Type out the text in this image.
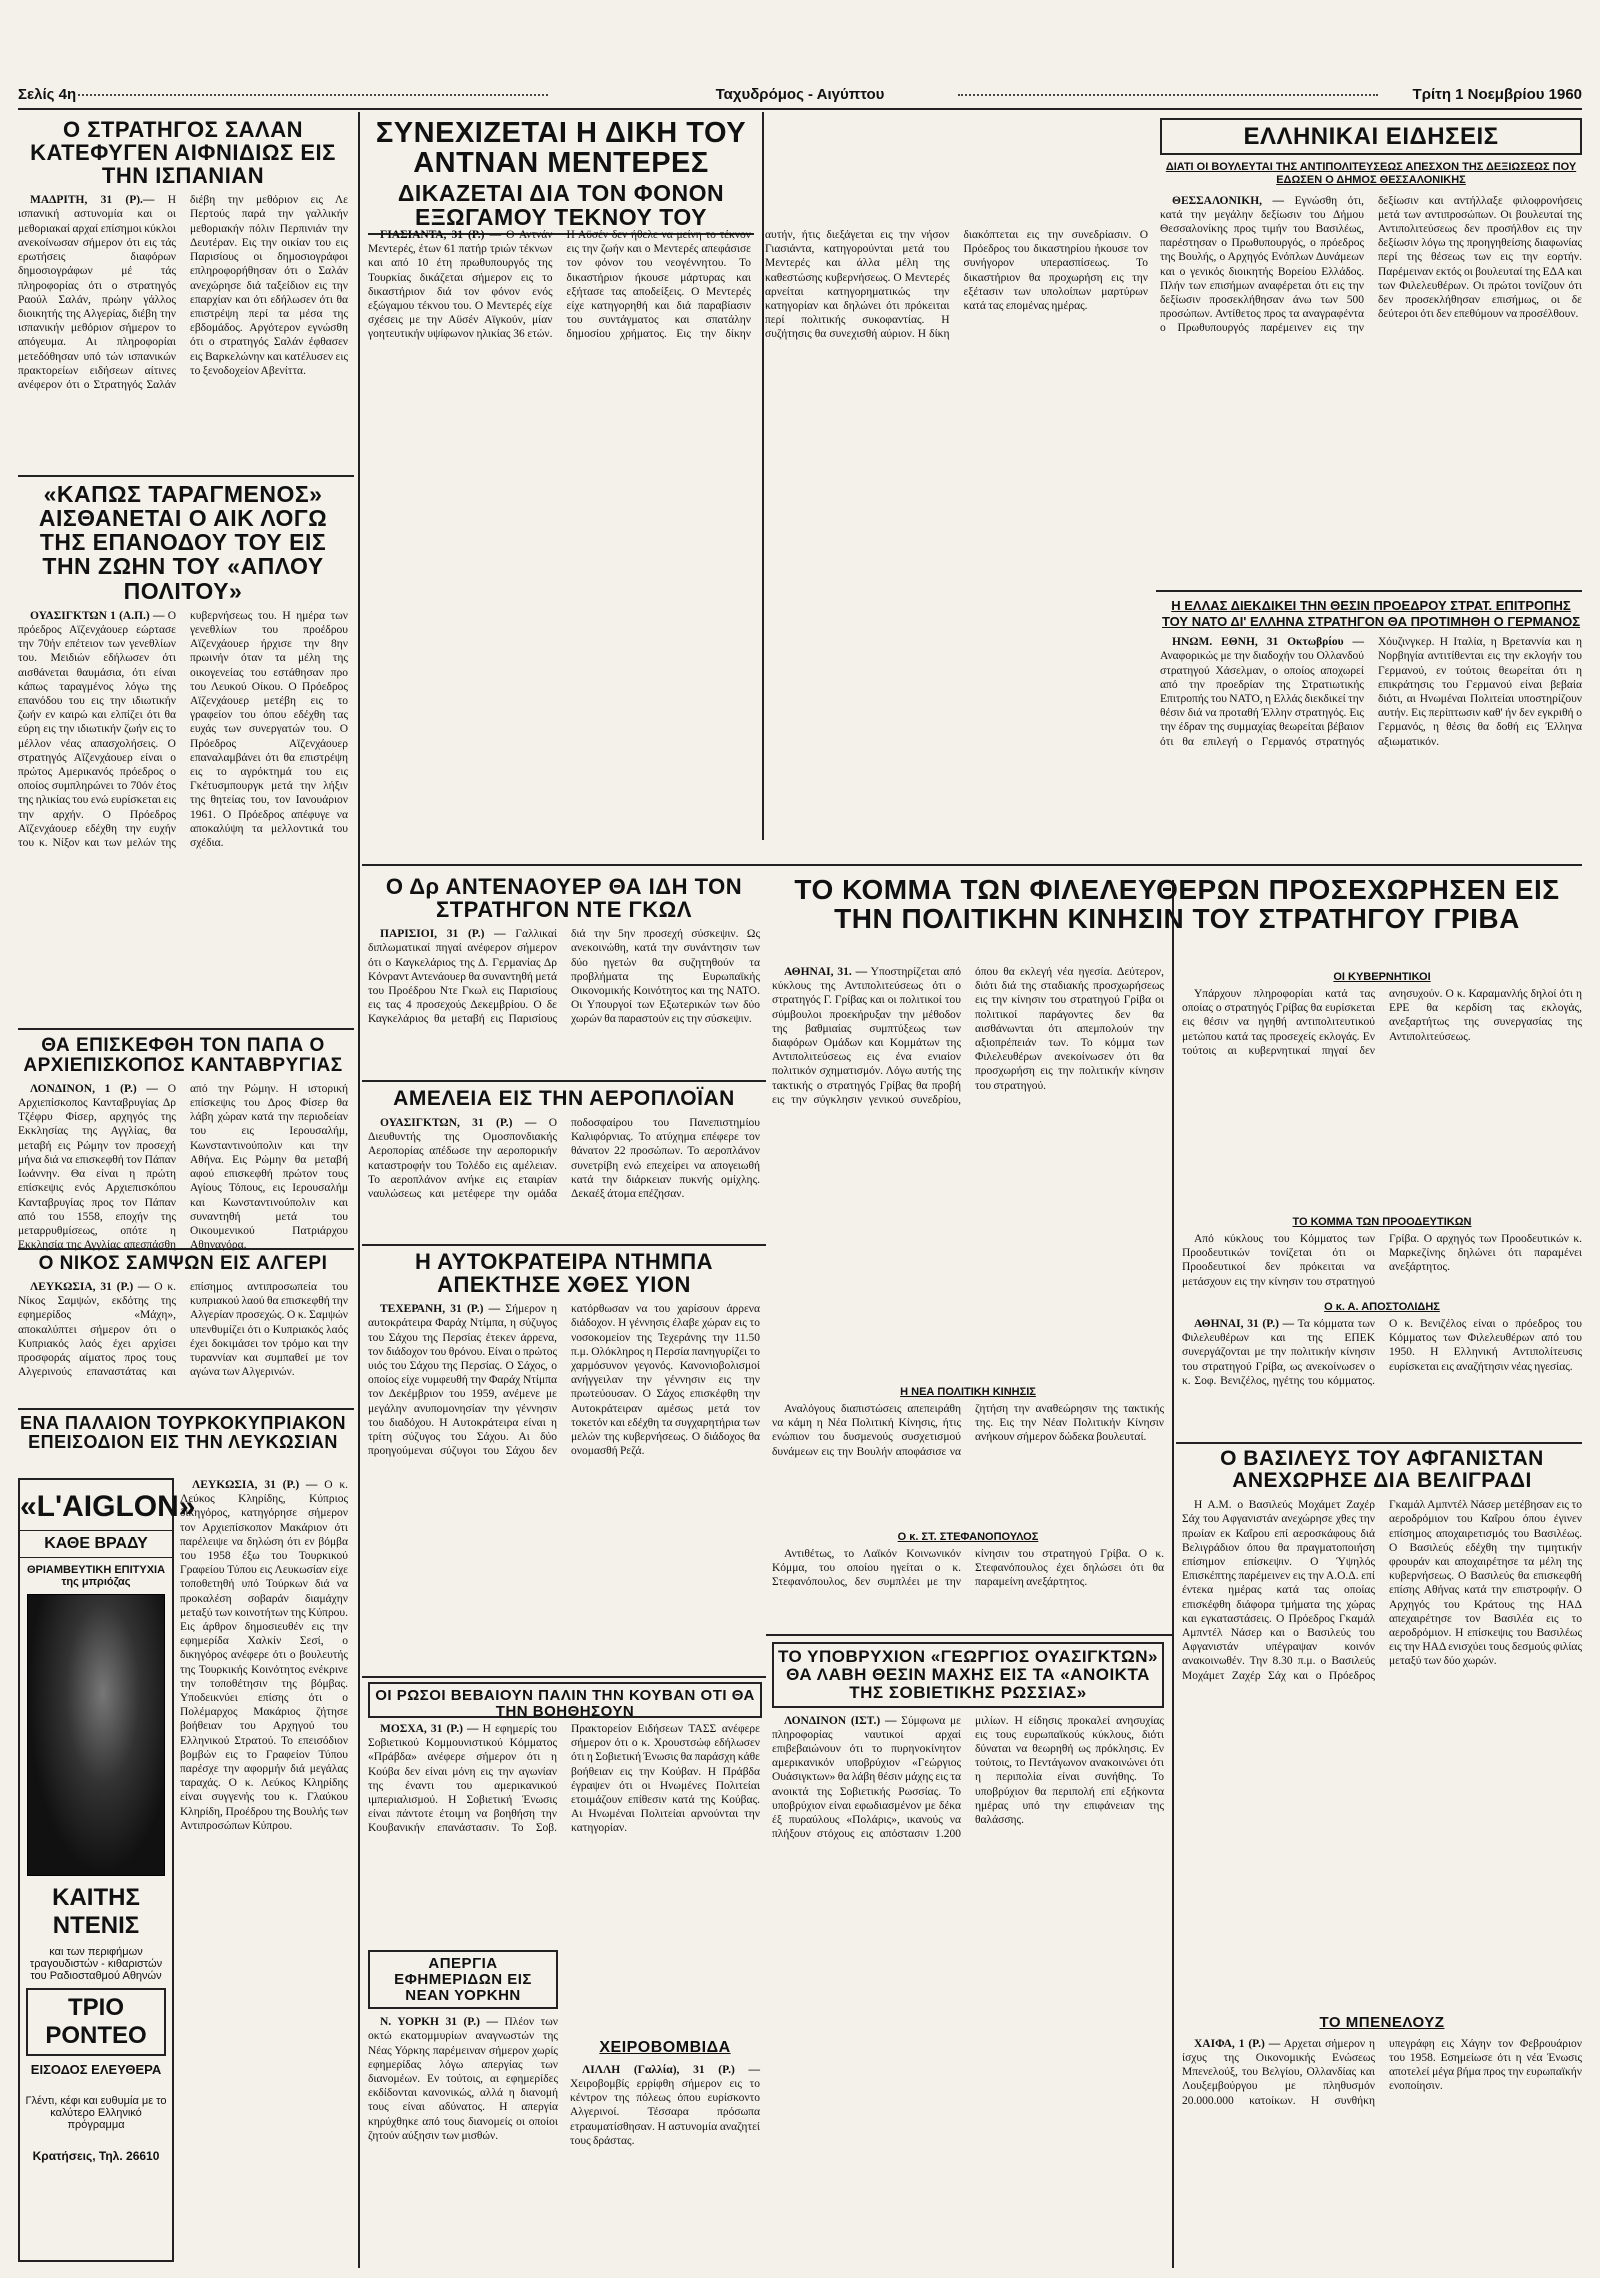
Σελίς 4η	Ταχυδρόμος - Αιγύπτου	Τρίτη 1 Νοεμβρίου 1960
Ο ΣΤΡΑΤΗΓΟΣ ΣΑΛΑΝ ΚΑΤΕΦΥΓΕΝ ΑΙΦΝΙΔΙΩΣ ΕΙΣ ΤΗΝ ΙΣΠΑΝΙΑΝ

ΜΑΔΡΙΤΗ, 31 (Ρ).— Η ισπανική αστυνομία και οι μεθοριακαί αρχαί επίσημοι κύκλοι ανεκοίνωσαν σήμερον ότι εις τάς ερωτήσεις διαφόρων δημοσιογράφων μέ τάς πληροφορίας ότι ο στρατηγός Ραούλ Σαλάν, πρώην γάλλος διοικητής της Αλγερίας, διέβη την ισπανικήν μεθόριον σήμερον το απόγευμα. Αι πληροφορίαι μετεδόθησαν υπό τών ισπανικών πρακτορείων ειδήσεων αίτινες ανέφερον ότι ο Στρατηγός Σαλάν διέβη την μεθόριον εις Λε Περτούς παρά την γαλλικήν μεθοριακήν πόλιν Περπινιάν την Δευτέραν. Εις την οικίαν του εις Παρισίους οι δημοσιογράφοι επληροφορήθησαν ότι ο Σαλάν ανεχώρησε διά ταξείδιον εις την επαρχίαν και ότι εδήλωσεν ότι θα επιστρέψη περί τα μέσα της εβδομάδος. Αργότερον εγνώσθη ότι ο στρατηγός Σαλάν έφθασεν εις Βαρκελώνην και κατέλυσεν εις το ξενοδοχείον Αβενίττα.

«ΚΑΠΩΣ ΤΑΡΑΓΜΕΝΟΣ» ΑΙΣΘΑΝΕΤΑΙ Ο ΑΙΚ ΛΟΓΩ ΤΗΣ ΕΠΑΝΟΔΟΥ ΤΟΥ ΕΙΣ ΤΗΝ ΖΩΗΝ ΤΟΥ «ΑΠΛΟΥ ΠΟΛΙΤΟΥ»

ΟΥΑΣΙΓΚΤΩΝ 1 (Α.Π.) — Ο πρόεδρος Αϊζενχάουερ εώρτασε την 70ήν επέτειον των γενεθλίων του. Μειδιών εδήλωσεν ότι αισθάνεται θαυμάσια, ότι είναι κάπως ταραγμένος λόγω της επανόδου του εις την ιδιωτικήν ζωήν εν καιρώ και ελπίζει ότι θα εύρη εις την ιδιωτικήν ζωήν εις το μέλλον νέας απασχολήσεις. Ο στρατηγός Αϊζενχάουερ είναι ο πρώτος Αμερικανός πρόεδρος ο οποίος συμπληρώνει το 70όν έτος της ηλικίας του ενώ ευρίσκεται εις την αρχήν. Ο Πρόεδρος Αϊζενχάουερ εδέχθη την ευχήν του κ. Νίξον και των μελών της κυβερνήσεως του. Η ημέρα των γενεθλίων του προέδρου Αϊζενχάουερ ήρχισε την 8ην πρωινήν όταν τα μέλη της οικογενείας του εστάθησαν προ του Λευκού Οίκου. Ο Πρόεδρος Αϊζενχάουερ μετέβη εις το γραφείον του όπου εδέχθη τας ευχάς των συνεργατών του. Ο Πρόεδρος Αϊζενχάουερ επαναλαμβάνει ότι θα επιστρέψη εις το αγρόκτημά του εις Γκέτυσμπουργκ μετά την λήξιν της θητείας του, τον Ιανουάριον 1961. Ο Πρόεδρος απέφυγε να αποκαλύψη τα μελλοντικά του σχέδια.

ΘΑ ΕΠΙΣΚΕΦΘΗ ΤΟΝ ΠΑΠΑ Ο ΑΡΧΙΕΠΙΣΚΟΠΟΣ ΚΑΝΤΑΒΡΥΓΙΑΣ

ΛΟΝΔΙΝΟΝ, 1 (Ρ.) — Ο Αρχιεπίσκοπος Κανταβρυγίας Δρ Τζέφρυ Φίσερ, αρχηγός της Εκκλησίας της Αγγλίας, θα μεταβή εις Ρώμην τον προσεχή μήνα διά να επισκεφθή τον Πάπαν Ιωάννην. Θα είναι η πρώτη επίσκεψις ενός Αρχιεπισκόπου Κανταβρυγίας προς τον Πάπαν από του 1558, εποχήν της μεταρρυθμίσεως, οπότε η Εκκλησία της Αγγλίας απεσπάσθη από την Ρώμην. Η ιστορική επίσκεψις του Δρος Φίσερ θα λάβη χώραν κατά την περιοδείαν του εις Ιερουσαλήμ, Κωνσταντινούπολιν και την Αθήνα. Εις Ρώμην θα μεταβή αφού επισκεφθή πρώτον τους Αγίους Τόπους, εις Ιερουσαλήμ και Κωνσταντινούπολιν και συναντηθή μετά του Οικουμενικού Πατριάρχου Αθηναγόρα.

Ο ΝΙΚΟΣ ΣΑΜΨΩΝ ΕΙΣ ΑΛΓΕΡΙ

ΛΕΥΚΩΣΙΑ, 31 (Ρ.) — Ο κ. Νίκος Σαμψών, εκδότης της εφημερίδος «Μάχη», αποκαλύπτει σήμερον ότι ο Κυπριακός λαός έχει αρχίσει προσφοράς αίματος προς τους Αλγερινούς επαναστάτας και επίσημος αντιπροσωπεία του κυπριακού λαού θα επισκεφθή την Αλγερίαν προσεχώς. Ο κ. Σαμψών υπενθυμίζει ότι ο Κυπριακός λαός έχει δοκιμάσει τον τρόμο και την τυραννίαν και συμπαθεί με τον αγώνα των Αλγερινών.

ΕΝΑ ΠΑΛΑΙΟΝ ΤΟΥΡΚΟΚΥΠΡΙΑΚΟΝ ΕΠΕΙΣΟΔΙΟΝ ΕΙΣ ΤΗΝ ΛΕΥΚΩΣΙΑΝ
«L'AIGLON»
ΚΑΘΕ ΒΡΑΔΥ
ΘΡΙΑΜΒΕΥΤΙΚΗ ΕΠΙΤΥΧΙΑ της μπριόζας
ΚΑΙΤΗΣ ΝΤΕΝΙΣ
και των περιφήμων τραγουδιστών - κιθαριστών του Ραδιοσταθμού Αθηνών
ΤΡΙΟ ΡΟΝΤΕΟ
ΕΙΣΟΔΟΣ ΕΛΕΥΘΕΡΑ
Γλέντι, κέφι και ευθυμία με το καλύτερο Ελληνικό πρόγραμμα
Κρατήσεις, Τηλ. 26610

ΛΕΥΚΩΣΙΑ, 31 (Ρ.) — Ο κ. Λεύκος Κληρίδης, Κύπριος δικηγόρος, κατηγόρησε σήμερον τον Αρχιεπίσκοπον Μακάριον ότι παρέλειψε να δηλώση ότι εν βόμβα του 1958 έξω του Τουρκικού Γραφείου Τύπου εις Λευκωσίαν είχε τοποθετηθή υπό Τούρκων διά να προκαλέση σοβαράν διαμάχην μεταξύ των κοινοτήτων της Κύπρου. Εις άρθρον δημοσιευθέν εις την εφημερίδα Χαλκίν Σεσί, ο δικηγόρος ανέφερε ότι ο βουλευτής της Τουρκικής Κοινότητος ενέκρινε την τοποθέτησιν της βόμβας. Υποδεικνύει επίσης ότι ο Πολέμαρχος Μακάριος ζήτησε βοήθειαν του Αρχηγού του Ελληνικού Στρατού. Το επεισόδιον βομβών εις το Γραφείον Τύπου παρέσχε την αφορμήν διά μεγάλας ταραχάς. Ο κ. Λεύκος Κληρίδης είναι συγγενής του κ. Γλαύκου Κληρίδη, Προέδρου της Βουλής των Αντιπροσώπων Κύπρου.

ΣΥΝΕΧΙΖΕΤΑΙ Η ΔΙΚΗ ΤΟΥ ΑΝΤΝΑΝ ΜΕΝΤΕΡΕΣ
ΔΙΚΑΖΕΤΑΙ ΔΙΑ ΤΟΝ ΦΟΝΟΝ ΕΞΩΓΑΜΟΥ ΤΕΚΝΟΥ ΤΟΥ

ΓΙΑΣΙΑΝΤΑ, 31 (Ρ.) — Ο Αντνάν Μεντερές, έτων 61 πατήρ τριών τέκνων και από 10 έτη πρωθυπουργός της Τουρκίας δικάζεται σήμερον εις το δικαστήριον διά τον φόνον ενός εξώγαμου τέκνου του. Ο Μεντερές είχε σχέσεις με την Αϋσέν Αϊγκούν, μίαν γοητευτικήν υψίφωνον ηλικίας 36 ετών. Η Αϋσέν δεν ήθελε να μείνη το τέκνον εις την ζωήν και ο Μεντερές απεφάσισε τον φόνον του νεογέννητου. Το δικαστήριον ήκουσε μάρτυρας και εξήτασε τας αποδείξεις. Ο Μεντερές είχε κατηγορηθή και διά παραβίασιν του συντάγματος και σπατάλην δημοσίου χρήματος. Εις την δίκην αυτήν, ήτις διεξάγεται εις την νήσον Γιασιάντα, κατηγορούνται μετά του Μεντερές και άλλα μέλη της καθεστώσης κυβερνήσεως. Ο Μεντερές αρνείται κατηγορηματικώς την κατηγορίαν και δηλώνει ότι πρόκειται περί πολιτικής συκοφαντίας. Η συζήτησις θα συνεχισθή αύριον. Η δίκη διακόπτεται εις την συνεδρίασιν. Ο Πρόεδρος του δικαστηρίου ήκουσε τον συνήγορον υπερασπίσεως. Το δικαστήριον θα προχωρήση εις την εξέτασιν των υπολοίπων μαρτύρων κατά τας επομένας ημέρας.

Ο Δρ ΑΝΤΕΝΑΟΥΕΡ ΘΑ ΙΔΗ ΤΟΝ ΣΤΡΑΤΗΓΟΝ ΝΤΕ ΓΚΩΛ

ΠΑΡΙΣΙΟΙ, 31 (Ρ.) — Γαλλικαί διπλωματικαί πηγαί ανέφερον σήμερον ότι ο Καγκελάριος της Δ. Γερμανίας Δρ Κόνραντ Αντενάουερ θα συναντηθή μετά του Προέδρου Ντε Γκωλ εις Παρισίους εις τας 4 προσεχούς Δεκεμβρίου. Ο δε Καγκελάριος θα μεταβή εις Παρισίους διά την 5ην προσεχή σύσκεψιν. Ως ανεκοινώθη, κατά την συνάντησιν των δύο ηγετών θα συζητηθούν τα προβλήματα της Ευρωπαϊκής Οικονομικής Κοινότητος και της ΝΑΤΟ. Οι Υπουργοί των Εξωτερικών των δύο χωρών θα παραστούν εις την σύσκεψιν.

ΑΜΕΛΕΙΑ ΕΙΣ ΤΗΝ ΑΕΡΟΠΛΟΪΑΝ

ΟΥΑΣΙΓΚΤΩΝ, 31 (Ρ.) — Ο Διευθυντής της Ομοσπονδιακής Αεροπορίας απέδωσε την αεροπορικήν καταστροφήν του Τολέδο εις αμέλειαν. Το αεροπλάνον ανήκε εις εταιρίαν ναυλώσεως και μετέφερε την ομάδα ποδοσφαίρου του Πανεπιστημίου Καλιφόρνιας. Το ατύχημα επέφερε τον θάνατον 22 προσώπων. Το αεροπλάνον συνετρίβη ενώ επεχείρει να απογειωθή κατά την διάρκειαν πυκνής ομίχλης. Δεκαέξ άτομα επέζησαν.

Η ΑΥΤΟΚΡΑΤΕΙΡΑ ΝΤΗΜΠΑ ΑΠΕΚΤΗΣΕ ΧΘΕΣ ΥΙΟΝ

ΤΕΧΕΡΑΝΗ, 31 (Ρ.) — Σήμερον η αυτοκράτειρα Φαράχ Ντίμπα, η σύζυγος του Σάχου της Περσίας έτεκεν άρρενα, τον διάδοχον του θρόνου. Είναι ο πρώτος υιός του Σάχου της Περσίας. Ο Σάχος, ο οποίος είχε νυμφευθή την Φαράχ Ντίμπα τον Δεκέμβριον του 1959, ανέμενε με μεγάλην ανυπομονησίαν την γέννησιν του διαδόχου. Η Αυτοκράτειρα είναι η τρίτη σύζυγος του Σάχου. Αι δύο προηγούμεναι σύζυγοι του Σάχου δεν κατόρθωσαν να του χαρίσουν άρρενα διάδοχον. Η γέννησις έλαβε χώραν εις το νοσοκομείον της Τεχεράνης την 11.50 π.μ. Ολόκληρος η Περσία πανηγυρίζει το χαρμόσυνον γεγονός. Κανονιοβολισμοί ανήγγειλαν την γέννησιν εις την πρωτεύουσαν. Ο Σάχος επισκέφθη την Αυτοκράτειραν αμέσως μετά τον τοκετόν και εδέχθη τα συγχαρητήρια των μελών της κυβερνήσεως. Ο διάδοχος θα ονομασθή Ρεζά.

ΟΙ ΡΩΣΟΙ ΒΕΒΑΙΟΥΝ ΠΑΛΙΝ ΤΗΝ ΚΟΥΒΑΝ ΟΤΙ ΘΑ ΤΗΝ ΒΟΗΘΗΣΟΥΝ

ΜΟΣΧΑ, 31 (Ρ.) — Η εφημερίς του Σοβιετικού Κομμουνιστικού Κόμματος «Πράβδα» ανέφερε σήμερον ότι η Κούβα δεν είναι μόνη εις την αγωνίαν της έναντι του αμερικανικού ιμπεριαλισμού. Η Σοβιετική Ένωσις είναι πάντοτε έτοιμη να βοηθήση την Κουβανικήν επανάστασιν. Το Σοβ. Πρακτορείον Ειδήσεων ΤΑΣΣ ανέφερε σήμερον ότι ο κ. Χρουστσώφ εδήλωσεν ότι η Σοβιετική Ένωσις θα παράσχη κάθε βοήθειαν εις την Κούβαν. Η Πράβδα έγραψεν ότι οι Ηνωμένες Πολιτείαι ετοιμάζουν επίθεσιν κατά της Κούβας. Αι Ηνωμέναι Πολιτείαι αρνούνται την κατηγορίαν.

ΑΠΕΡΓΙΑ ΕΦΗΜΕΡΙΔΩΝ ΕΙΣ ΝΕΑΝ ΥΟΡΚΗΝ

Ν. ΥΟΡΚΗ 31 (Ρ.) — Πλέον των οκτώ εκατομμυρίων αναγνωστών της Νέας Υόρκης παρέμειναν σήμερον χωρίς εφημερίδας λόγω απεργίας των διανομέων. Εν τούτοις, αι εφημερίδες εκδίδονται κανονικώς, αλλά η διανομή τους είναι αδύνατος. Η απεργία κηρύχθηκε από τους διανομείς οι οποίοι ζητούν αύξησιν των μισθών.

ΧΕΙΡΟΒΟΜΒΙΔΑ

ΛΙΛΛΗ (Γαλλία), 31 (Ρ.) — Χειροβομβίς ερρίφθη σήμερον εις το κέντρον της πόλεως όπου ευρίσκοντο Αλγερινοί. Τέσσαρα πρόσωπα ετραυματίσθησαν. Η αστυνομία αναζητεί τους δράστας.

ΕΛΛΗΝΙΚΑΙ ΕΙΔΗΣΕΙΣ
ΔΙΑΤΙ ΟΙ ΒΟΥΛΕΥΤΑΙ ΤΗΣ ΑΝΤΙΠΟΛΙΤΕΥΣΕΩΣ ΑΠΕΣΧΟΝ ΤΗΣ ΔΕΞΙΩΣΕΩΣ ΠΟΥ ΕΔΩΣΕΝ Ο ΔΗΜΟΣ ΘΕΣΣΑΛΟΝΙΚΗΣ

ΘΕΣΣΑΛΟΝΙΚΗ, — Εγνώσθη ότι, κατά την μεγάλην δεξίωσιν του Δήμου Θεσσαλονίκης προς τιμήν του Βασιλέως, παρέστησαν ο Πρωθυπουργός, ο πρόεδρος της Βουλής, ο Αρχηγός Ενόπλων Δυνάμεων και ο γενικός διοικητής Βορείου Ελλάδος. Πλήν των επισήμων αναφέρεται ότι εις την δεξίωσιν προσεκλήθησαν άνω των 500 προσώπων. Αντίθετος προς τα αναγραφέντα ο Πρωθυπουργός παρέμεινεν εις την δεξίωσιν και αντήλλαξε φιλοφρονήσεις μετά των αντιπροσώπων. Οι βουλευταί της Αντιπολιτεύσεως δεν προσήλθον εις την δεξίωσιν λόγω της προηγηθείσης διαφωνίας περί της θέσεως των εις την εορτήν. Παρέμειναν εκτός οι βουλευταί της ΕΔΑ και των Φιλελευθέρων. Οι πρώτοι τονίζουν ότι δεν προσεκλήθησαν επισήμως, οι δε δεύτεροι ότι δεν επεθύμουν να προσέλθουν.

Η ΕΛΛΑΣ ΔΙΕΚΔΙΚΕΙ ΤΗΝ ΘΕΣΙΝ ΠΡΟΕΔΡΟΥ ΣΤΡΑΤ. ΕΠΙΤΡΟΠΗΣ ΤΟΥ ΝΑΤΟ ΔΙ' ΕΛΛΗΝΑ ΣΤΡΑΤΗΓΟΝ ΘΑ ΠΡΟΤΙΜΗΘΗ Ο ΓΕΡΜΑΝΟΣ

ΗΝΩΜ. ΕΘΝΗ, 31 Οκτωβρίου — Αναφορικώς με την διαδοχήν του Ολλανδού στρατηγού Χάσελμαν, ο οποίος αποχωρεί από την προεδρίαν της Στρατιωτικής Επιτροπής του ΝΑΤΟ, η Ελλάς διεκδικεί την θέσιν διά να προταθή Έλλην στρατηγός. Εις την έδραν της συμμαχίας θεωρείται βέβαιον ότι θα επιλεγή ο Γερμανός στρατηγός Χόυζινγκερ. Η Ιταλία, η Βρεταννία και η Νορβηγία αντιτίθενται εις την εκλογήν του Γερμανού, εν τούτοις θεωρείται ότι η επικράτησις του Γερμανού είναι βεβαία διότι, αι Ηνωμέναι Πολιτείαι υποστηρίζουν αυτήν. Εις περίπτωσιν καθ' ήν δεν εγκριθή ο Γερμανός, η θέσις θα δοθή εις Έλληνα αξιωματικόν.

ΤΟ ΚΟΜΜΑ ΤΩΝ ΦΙΛΕΛΕΥΘΕΡΩΝ ΠΡΟΣΕΧΩΡΗΣΕΝ ΕΙΣ ΤΗΝ ΠΟΛΙΤΙΚΗΝ ΚΙΝΗΣΙΝ ΤΟΥ ΣΤΡΑΤΗΓΟΥ ΓΡΙΒΑ

ΑΘΗΝΑΙ, 31. — Υποστηρίζεται από κύκλους της Αντιπολιτεύσεως ότι ο στρατηγός Γ. Γρίβας και οι πολιτικοί του σύμβουλοι προεκήρυξαν την μέθοδον της βαθμιαίας συμπτύξεως των διαφόρων Ομάδων και Κομμάτων της Αντιπολιτεύσεως εις ένα ενιαίον πολιτικόν σχηματισμόν. Λόγω αυτής της τακτικής ο στρατηγός Γρίβας θα προβή εις την σύγκλησιν γενικού συνεδρίου, όπου θα εκλεγή νέα ηγεσία. Δεύτερον, διότι διά της σταδιακής προσχωρήσεως εις την κίνησιν του στρατηγού Γρίβα οι πολιτικοί παράγοντες δεν θα αισθάνωνται ότι απεμπολούν την αξιοπρέπειάν των. Το κόμμα των Φιλελευθέρων ανεκοίνωσεν ότι θα προσχωρήση εις την πολιτικήν κίνησιν του στρατηγού.

Η ΝΕΑ ΠΟΛΙΤΙΚΗ ΚΙΝΗΣΙΣ

Αναλόγους διαπιστώσεις απεπειράθη να κάμη η Νέα Πολιτική Κίνησις, ήτις ενώπιον του δυσμενούς συσχετισμού δυνάμεων εις την Βουλήν αποφάσισε να ζητήση την αναθεώρησιν της τακτικής της. Εις την Νέαν Πολιτικήν Κίνησιν ανήκουν σήμερον δώδεκα βουλευταί.

Ο κ. ΣΤ. ΣΤΕΦΑΝΟΠΟΥΛΟΣ

Αντιθέτως, το Λαϊκόν Κοινωνικόν Κόμμα, του οποίου ηγείται ο κ. Στεφανόπουλος, δεν συμπλέει με την κίνησιν του στρατηγού Γρίβα. Ο κ. Στεφανόπουλος έχει δηλώσει ότι θα παραμείνη ανεξάρτητος.

ΟΙ ΚΥΒΕΡΝΗΤΙΚΟΙ

Υπάρχουν πληροφορίαι κατά τας οποίας ο στρατηγός Γρίβας θα ευρίσκεται εις θέσιν να ηγηθή αντιπολιτευτικού μετώπου κατά τας προσεχείς εκλογάς. Εν τούτοις αι κυβερνητικαί πηγαί δεν ανησυχούν. Ο κ. Καραμανλής δηλοί ότι η ΕΡΕ θα κερδίση τας εκλογάς, ανεξαρτήτως της συνεργασίας της Αντιπολιτεύσεως.

ΤΟ ΚΟΜΜΑ ΤΩΝ ΠΡΟΟΔΕΥΤΙΚΩΝ

Από κύκλους του Κόμματος των Προοδευτικών τονίζεται ότι οι Προοδευτικοί δεν πρόκειται να μετάσχουν εις την κίνησιν του στρατηγού Γρίβα. Ο αρχηγός των Προοδευτικών κ. Μαρκεζίνης δηλώνει ότι παραμένει ανεξάρτητος.

Ο κ. Α. ΑΠΟΣΤΟΛΙΔΗΣ

ΑΘΗΝΑΙ, 31 (Ρ.) — Τα κόμματα των Φιλελευθέρων και της ΕΠΕΚ συνεργάζονται με την πολιτικήν κίνησιν του στρατηγού Γρίβα, ως ανεκοίνωσεν ο κ. Σοφ. Βενιζέλος, ηγέτης του κόμματος. Ο κ. Βενιζέλος είναι ο πρόεδρος του Κόμματος των Φιλελευθέρων από του 1950. Η Ελληνική Αντιπολίτευσις ευρίσκεται εις αναζήτησιν νέας ηγεσίας.

Ο ΒΑΣΙΛΕΥΣ ΤΟΥ ΑΦΓΑΝΙΣΤΑΝ ΑΝΕΧΩΡΗΣΕ ΔΙΑ ΒΕΛΙΓΡΑΔΙ

Η Α.Μ. ο Βασιλεύς Μοχάμετ Ζαχέρ Σάχ του Αφγανιστάν ανεχώρησε χθες την πρωίαν εκ Καΐρου επί αεροσκάφους διά Βελιγράδιον όπου θα πραγματοποιήση επίσημον επίσκεψιν. Ο Ύψηλός Επισκέπτης παρέμεινεν εις την Α.Ο.Δ. επί έντεκα ημέρας κατά τας οποίας επισκέφθη διάφορα τμήματα της χώρας και εγκαταστάσεις. Ο Πρόεδρος Γκαμάλ Αμπντέλ Νάσερ και ο Βασιλεύς του Αφγανιστάν υπέγραψαν κοινόν ανακοινωθέν. Την 8.30 π.μ. ο Βασιλεύς Μοχάμετ Ζαχέρ Σάχ και ο Πρόεδρος Γκαμάλ Αμπντέλ Νάσερ μετέβησαν εις το αεροδρόμιον του Καΐρου όπου έγινεν επίσημος αποχαιρετισμός του Βασιλέως. Ο Βασιλεύς εδέχθη την τιμητικήν φρουράν και αποχαιρέτησε τα μέλη της κυβερνήσεως. Ο Βασιλεύς θα επισκεφθή επίσης Αθήνας κατά την επιστροφήν. Ο Αρχηγός του Κράτους της ΗΑΔ απεχαιρέτησε τον Βασιλέα εις το αεροδρόμιον. Η επίσκεψις του Βασιλέως εις την ΗΑΔ ενισχύει τους δεσμούς φιλίας μεταξύ των δύο χωρών.

ΤΟ ΜΠΕΝΕΛΟΥΖ

ΧΑΙΦΑ, 1 (Ρ.) — Αρχεται σήμερον η ίσχυς της Οικονομικής Ενώσεως Μπενελούξ, του Βελγίου, Ολλανδίας και Λουξεμβούργου με πληθυσμόν 20.000.000 κατοίκων. Η συνθήκη υπεγράφη εις Χάγην τον Φεβρουάριον του 1958. Εσημείωσε ότι η νέα Ένωσις αποτελεί μέγα βήμα προς την ευρωπαϊκήν ενοποίησιν.

ΤΟ ΥΠΟΒΡΥΧΙΟΝ «ΓΕΩΡΓΙΟΣ ΟΥΑΣΙΓΚΤΩΝ» ΘΑ ΛΑΒΗ ΘΕΣΙΝ ΜΑΧΗΣ ΕΙΣ ΤΑ «ΑΝΟΙΚΤΑ ΤΗΣ ΣΟΒΙΕΤΙΚΗΣ ΡΩΣΣΙΑΣ»

ΛΟΝΔΙΝΟΝ (ΙΣΤ.) — Σύμφωνα με πληροφορίας ναυτικοί αρχαί επιβεβαιώνουν ότι το πυρηνοκίνητον αμερικανικόν υποβρύχιον «Γεώργιος Ουάσιγκτων» θα λάβη θέσιν μάχης εις τα ανοικτά της Σοβιετικής Ρωσσίας. Το υποβρύχιον είναι εφωδιασμένον με δέκα έξ πυραύλους «Πολάρις», ικανούς να πλήξουν στόχους εις απόστασιν 1.200 μιλίων. Η είδησις προκαλεί ανησυχίας εις τους ευρωπαϊκούς κύκλους, διότι δύναται να θεωρηθή ως πρόκλησις. Εν τούτοις, το Πεντάγωνον ανακοινώνει ότι η περιπολία είναι συνήθης. Το υποβρύχιον θα περιπολή επί εξήκοντα ημέρας υπό την επιφάνειαν της θαλάσσης.
